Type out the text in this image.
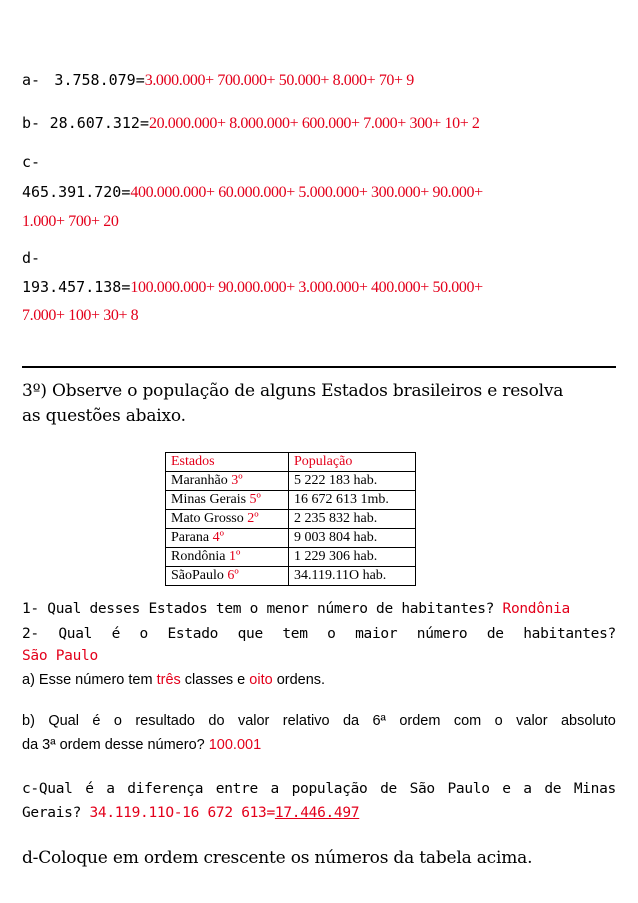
a- 3.758.079=3.000.000+ 700.000+ 50.000+ 8.000+ 70+ 9
b- 28.607.312=20.000.000+ 8.000.000+ 600.000+ 7.000+ 300+ 10+ 2
c-
465.391.720=400.000.000+ 60.000.000+ 5.000.000+ 300.000+ 90.000+
1.000+ 700+ 20
d-
193.457.138=100.000.000+ 90.000.000+ 3.000.000+ 400.000+ 50.000+
7.000+ 100+ 30+ 8
3º) Observe o população de alguns Estados brasileiros e resolva
as questões abaixo.
Estados	População
Maranhão 3º	5 222 183 hab.
Minas Gerais 5º	16 672 613 1mb.
Mato Grosso 2º	2 235 832 hab.
Parana 4º	9 003 804 hab.
Rondônia 1º	1 229 306 hab.
SãoPaulo 6º	34.119.11O hab.
1- Qual desses Estados tem o menor número de habitantes? Rondônia
2- Qual é o Estado que tem o maior número de habitantes?
São Paulo
a) Esse número tem três classes e oito ordens.
b) Qual é o resultado do valor relativo da 6ª ordem com o valor absoluto
da 3ª ordem desse número? 100.001
c-Qual é a diferença entre a população de São Paulo e a de Minas
Gerais? 34.119.11O-16 672 613=17.446.497
d-Coloque em ordem crescente os números da tabela acima.
